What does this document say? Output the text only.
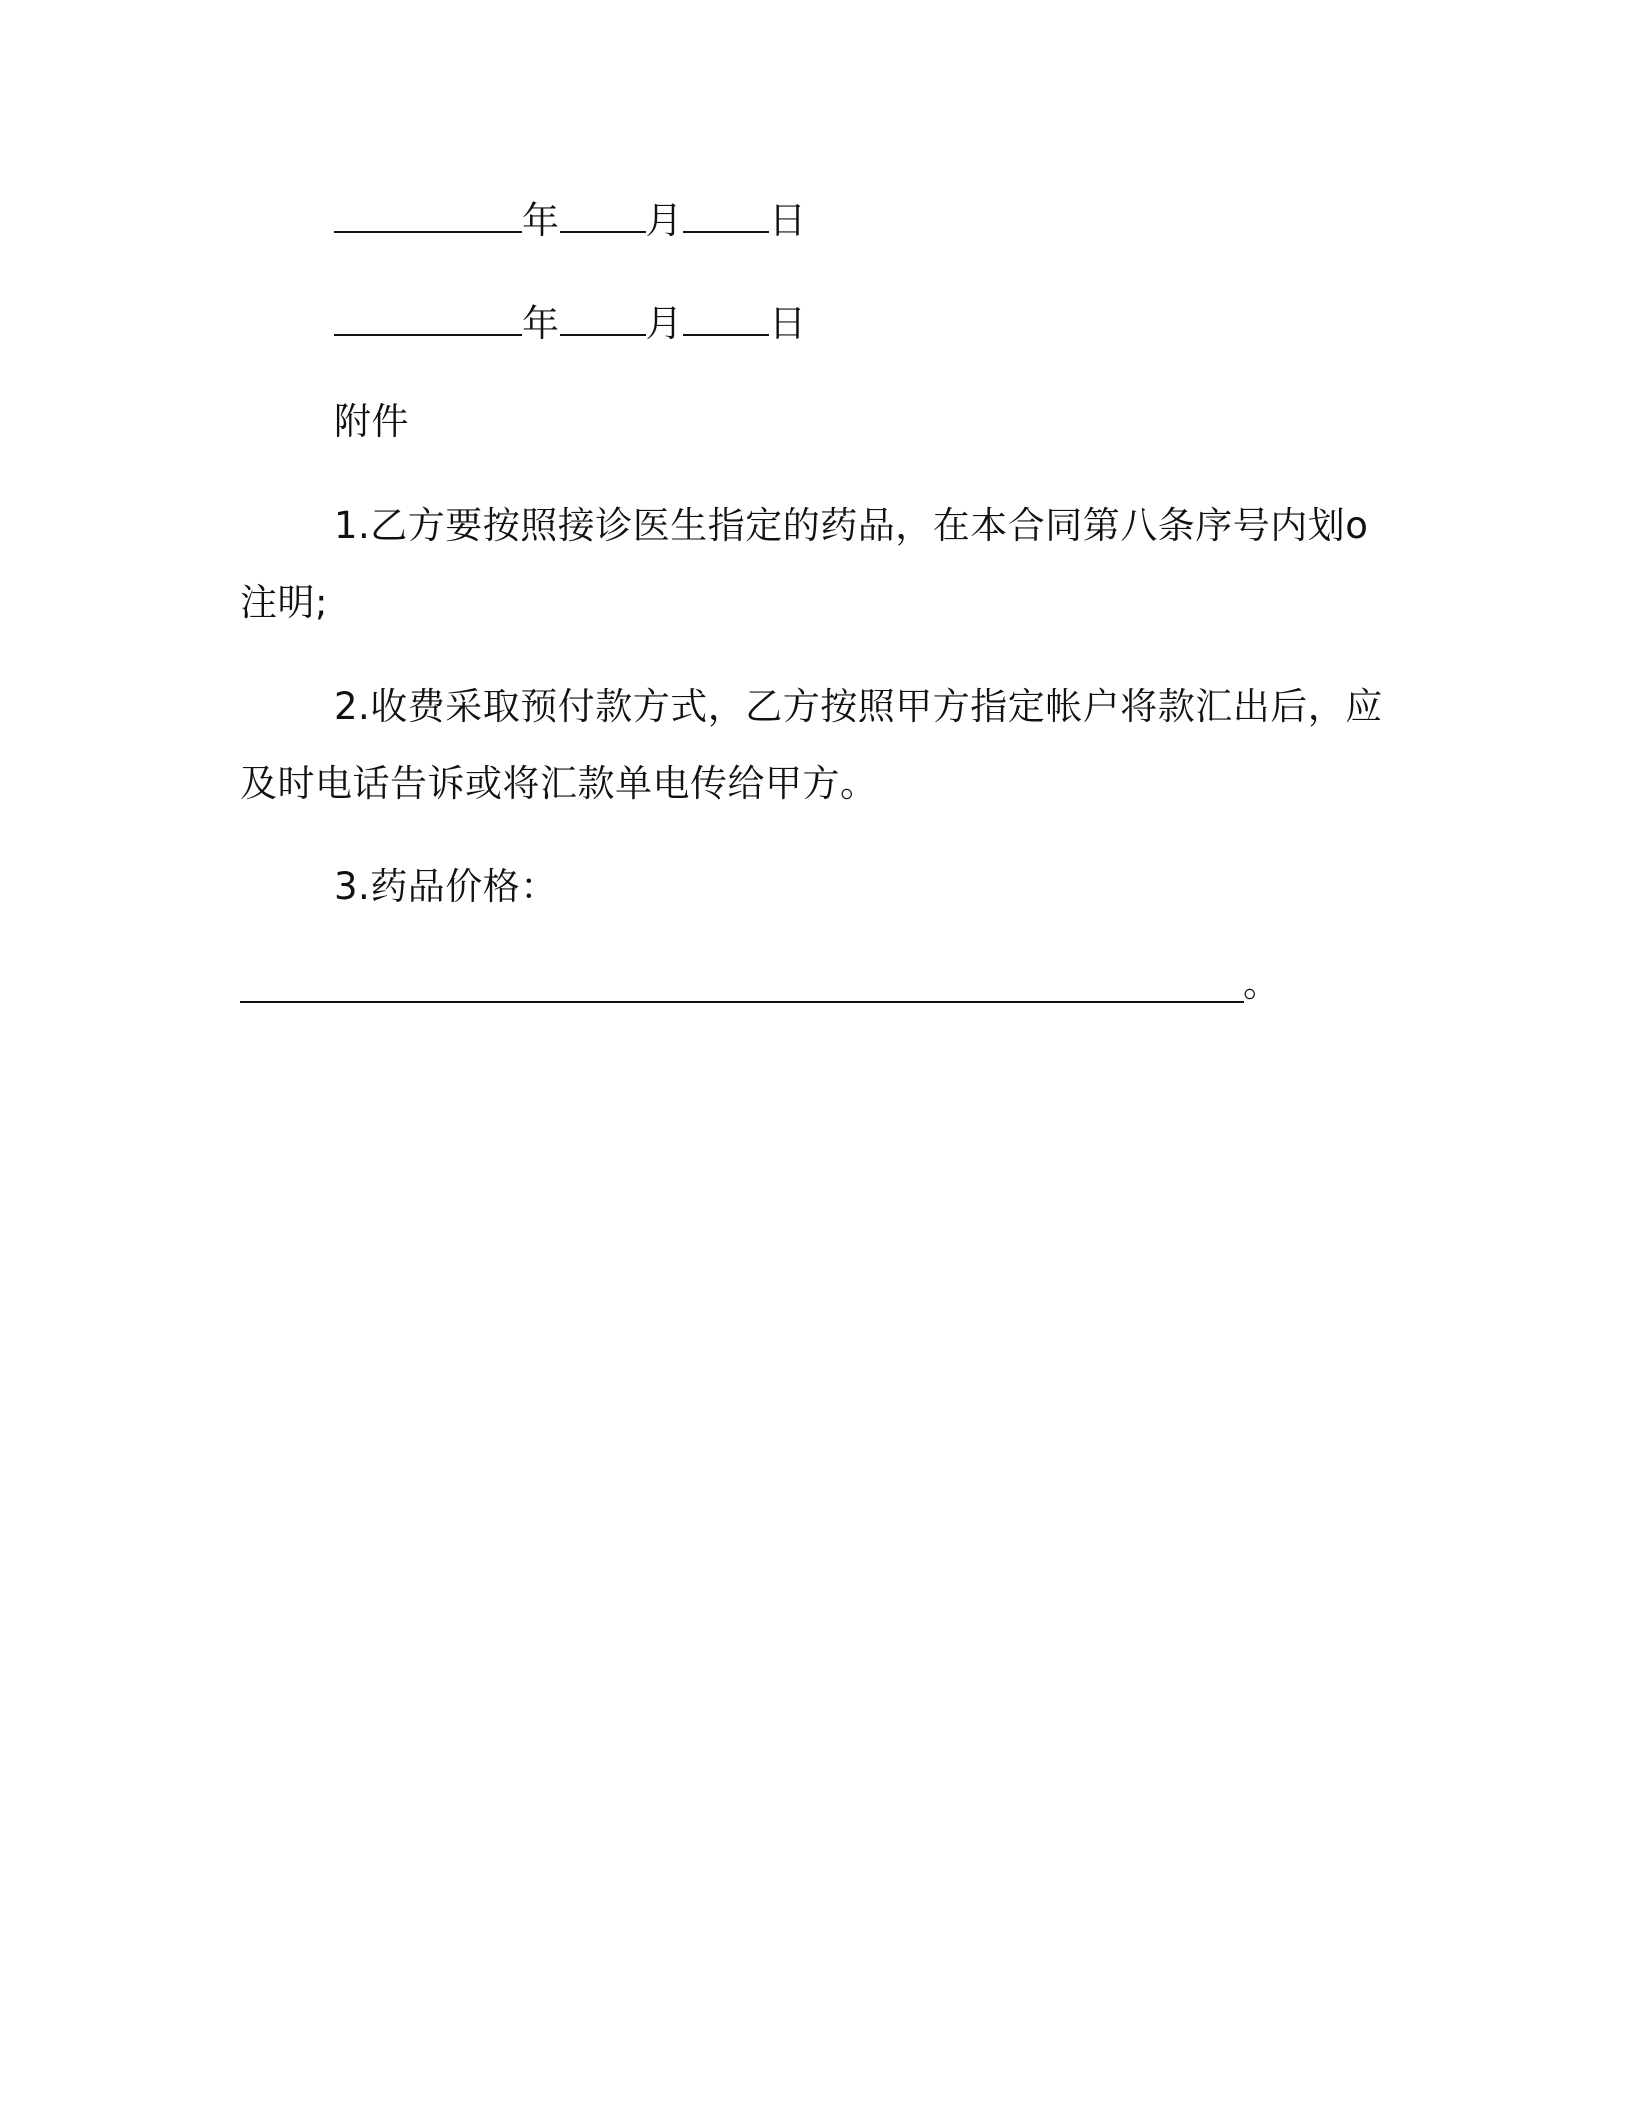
年 月 日
年 月 日
附件
1.乙方要按照接诊医生指定的药品，在本合同第八条序号内划o
注明;
2.收费采取预付款方式，乙方按照甲方指定帐户将款汇出后，应
及时电话告诉或将汇款单电传给甲方。
3.药品价格：
。
